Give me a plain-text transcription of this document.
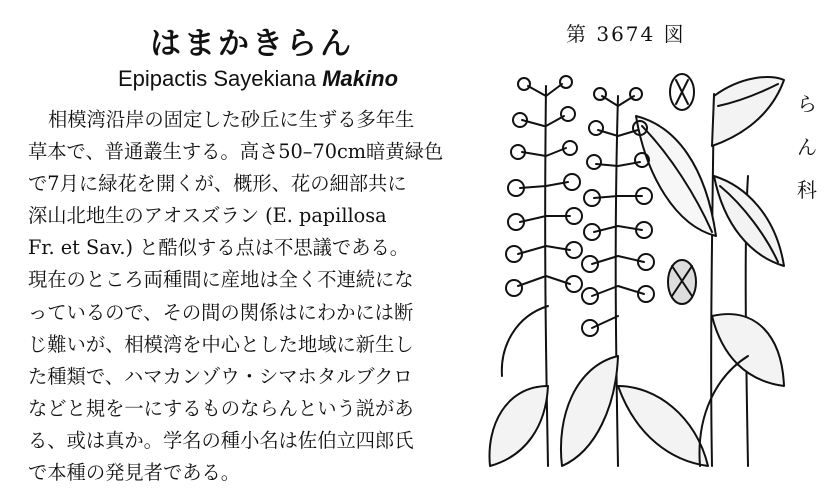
はまかきらん
Epipactis Sayekiana Makino
相模湾沿岸の固定した砂丘に生ずる多年生
草本で、普通叢生する。高さ50–70cm暗黄緑色
で7月に緑花を開くが、概形、花の細部共に
深山北地生のアオスズラン (E. papillosa
Fr. et Sav.) と酷似する点は不思議である。
現在のところ両種間に産地は全く不連続にな
っているので、その間の関係はにわかには断
じ難いが、相模湾を中心とした地域に新生し
た種類で、ハマカンゾウ・シマホタルブクロ
などと規を一にするものならんという説があ
る、或は真か。学名の種小名は佐伯立四郎氏
で本種の発見者である。
第 3674 図
ら
ん
科
